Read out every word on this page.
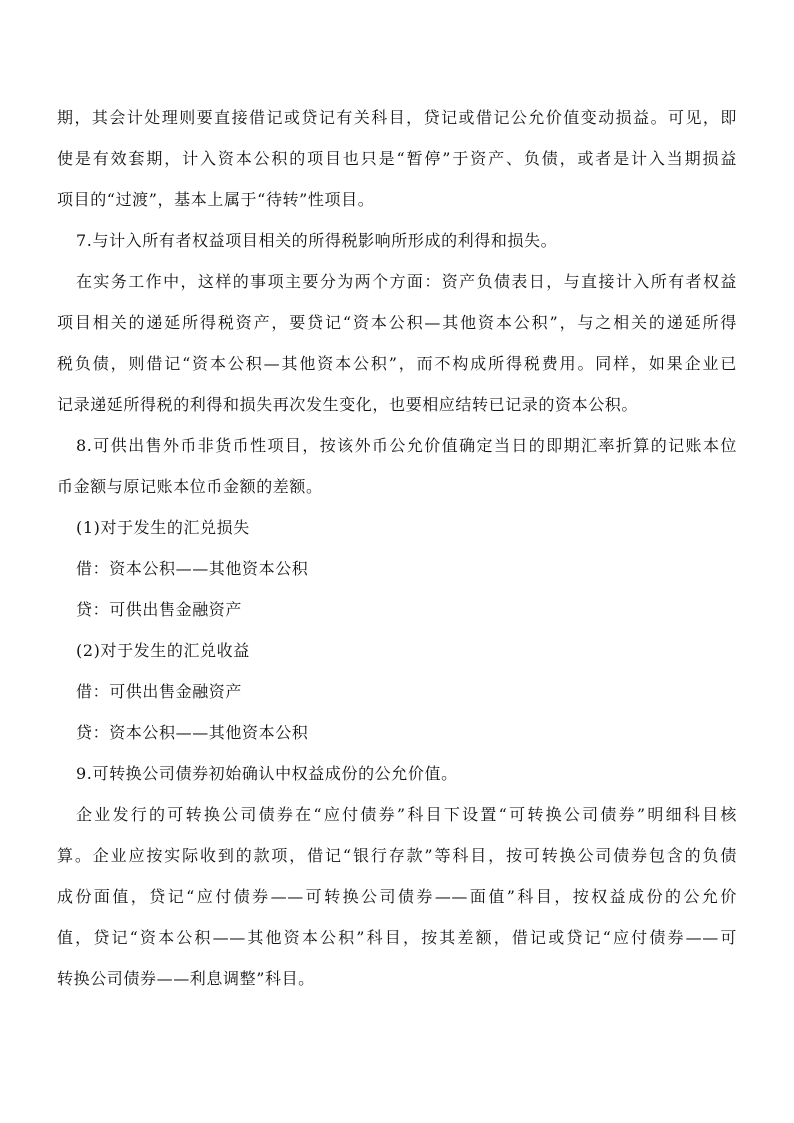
期，其会计处理则要直接借记或贷记有关科目，贷记或借记公允价值变动损益。可见，即
使是有效套期，计入资本公积的项目也只是“暂停”于资产、负债，或者是计入当期损益
项目的“过渡”，基本上属于“待转”性项目。
7.与计入所有者权益项目相关的所得税影响所形成的利得和损失。
在实务工作中，这样的事项主要分为两个方面：资产负债表日，与直接计入所有者权益
项目相关的递延所得税资产，要贷记“资本公积—其他资本公积”，与之相关的递延所得
税负债，则借记“资本公积—其他资本公积”，而不构成所得税费用。同样，如果企业已
记录递延所得税的利得和损失再次发生变化，也要相应结转已记录的资本公积。
8.可供出售外币非货币性项目，按该外币公允价值确定当日的即期汇率折算的记账本位
币金额与原记账本位币金额的差额。
(1)对于发生的汇兑损失
借：资本公积——其他资本公积
贷：可供出售金融资产
(2)对于发生的汇兑收益
借：可供出售金融资产
贷：资本公积——其他资本公积
9.可转换公司债券初始确认中权益成份的公允价值。
企业发行的可转换公司债券在“应付债券”科目下设置“可转换公司债券”明细科目核
算。企业应按实际收到的款项，借记“银行存款”等科目，按可转换公司债券包含的负债
成份面值，贷记“应付债券——可转换公司债券——面值”科目，按权益成份的公允价
值，贷记“资本公积——其他资本公积”科目，按其差额，借记或贷记“应付债券——可
转换公司债券——利息调整”科目。
